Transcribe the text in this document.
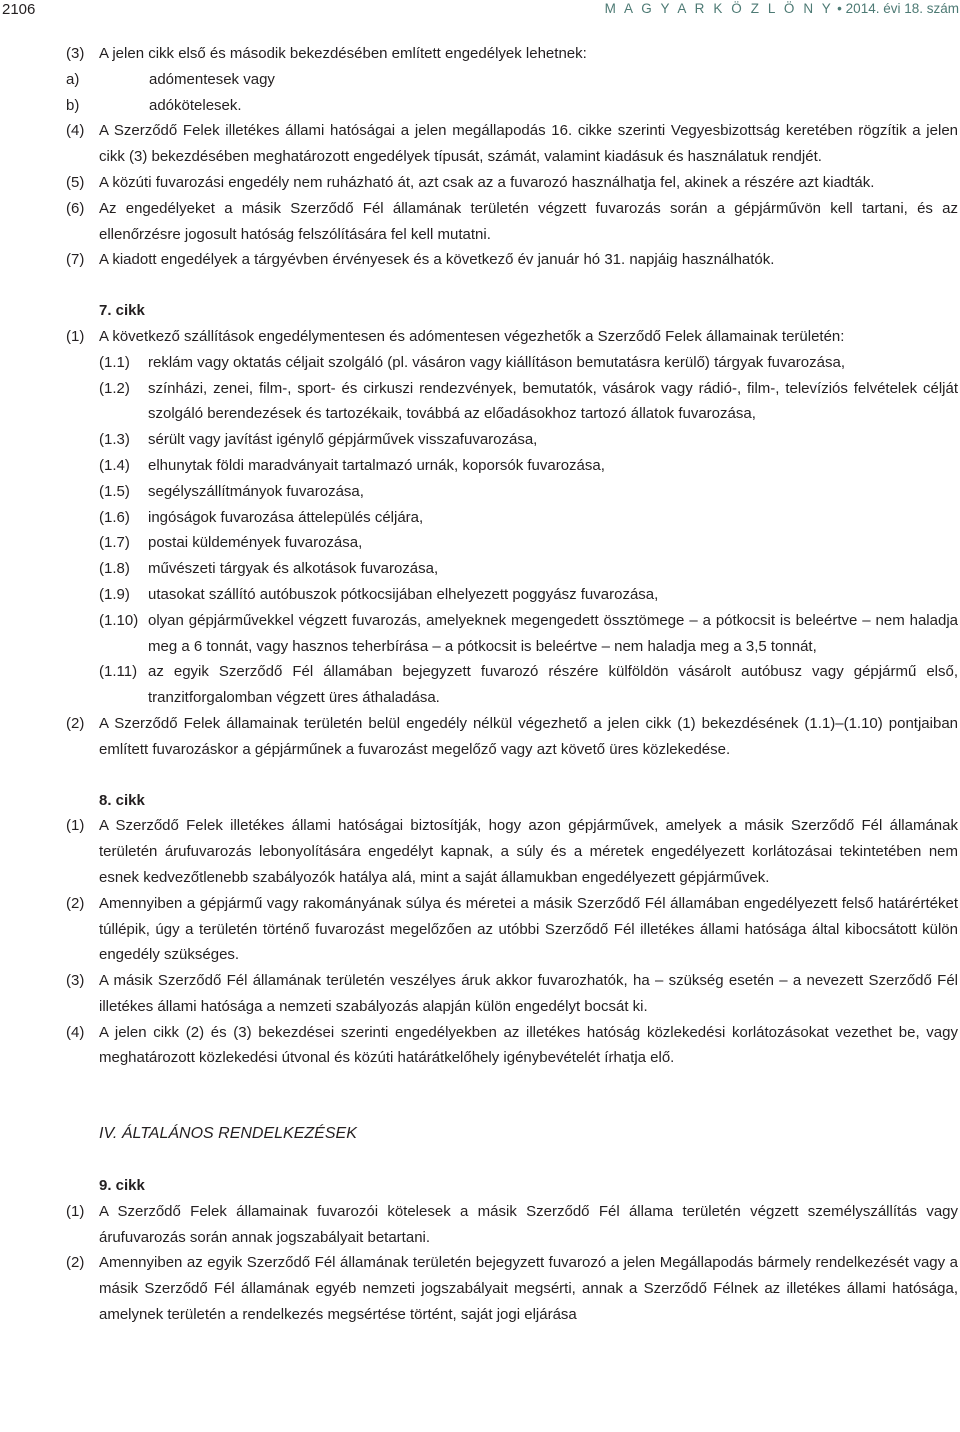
2106	M A G Y A R K Ö Z L Ö N Y • 2014. évi 18. szám
(3) A jelen cikk első és második bekezdésében említett engedélyek lehetnek:
a)	adómentesek vagy
b)	adókötelesek.
(4) A Szerződő Felek illetékes állami hatóságai a jelen megállapodás 16. cikke szerinti Vegyesbizottság keretében rögzítik a jelen cikk (3) bekezdésében meghatározott engedélyek típusát, számát, valamint kiadásuk és használatuk rendjét.
(5) A közúti fuvarozási engedély nem ruházható át, azt csak az a fuvarozó használhatja fel, akinek a részére azt kiadták.
(6) Az engedélyeket a másik Szerződő Fél államának területén végzett fuvarozás során a gépjárművön kell tartani, és az ellenőrzésre jogosult hatóság felszólítására fel kell mutatni.
(7) A kiadott engedélyek a tárgyévben érvényesek és a következő év január hó 31. napjáig használhatók.
7. cikk
(1) A következő szállítások engedélymentesen és adómentesen végezhetők a Szerződő Felek államainak területén:
(1.1) reklám vagy oktatás céljait szolgáló (pl. vásáron vagy kiállításon bemutatásra kerülő) tárgyak fuvarozása,
(1.2) színházi, zenei, film-, sport- és cirkuszi rendezvények, bemutatók, vásárok vagy rádió-, film-, televíziós felvételek célját szolgáló berendezések és tartozékaik, továbbá az előadásokhoz tartozó állatok fuvarozása,
(1.3) sérült vagy javítást igénylő gépjárművek visszafuvarozása,
(1.4) elhunytak földi maradványait tartalmazó urnák, koporsók fuvarozása,
(1.5) segélyszállítmányok fuvarozása,
(1.6) ingóságok fuvarozása áttelepülés céljára,
(1.7) postai küldemények fuvarozása,
(1.8) művészeti tárgyak és alkotások fuvarozása,
(1.9) utasokat szállító autóbuszok pótkocsijában elhelyezett poggyász fuvarozása,
(1.10) olyan gépjárművekkel végzett fuvarozás, amelyeknek megengedett össztömege – a pótkocsit is beleértve – nem haladja meg a 6 tonnát, vagy hasznos teherbírása – a pótkocsit is beleértve – nem haladja meg a 3,5 tonnát,
(1.11) az egyik Szerződő Fél államában bejegyzett fuvarozó részére külföldön vásárolt autóbusz vagy gépjármű első, tranzitforgalomban végzett üres áthaladása.
(2) A Szerződő Felek államainak területén belül engedély nélkül végezhető a jelen cikk (1) bekezdésének (1.1)–(1.10) pontjaiban említett fuvarozáskor a gépjárműnek a fuvarozást megelőző vagy azt követő üres közlekedése.
8. cikk
(1) A Szerződő Felek illetékes állami hatóságai biztosítják, hogy azon gépjárművek, amelyek a másik Szerződő Fél államának területén árufuvarozás lebonyolítására engedélyt kapnak, a súly és a méretek engedélyezett korlátozásai tekintetében nem esnek kedvezőtlenebb szabályozók hatálya alá, mint a saját államukban engedélyezett gépjárművek.
(2) Amennyiben a gépjármű vagy rakományának súlya és méretei a másik Szerződő Fél államában engedélyezett felső határértéket túllépik, úgy a területén történő fuvarozást megelőzően az utóbbi Szerződő Fél illetékes állami hatósága által kibocsátott külön engedély szükséges.
(3) A másik Szerződő Fél államának területén veszélyes áruk akkor fuvarozhatók, ha – szükség esetén – a nevezett Szerződő Fél illetékes állami hatósága a nemzeti szabályozás alapján külön engedélyt bocsát ki.
(4) A jelen cikk (2) és (3) bekezdései szerinti engedélyekben az illetékes hatóság közlekedési korlátozásokat vezethet be, vagy meghatározott közlekedési útvonal és közúti határátkelőhely igénybevételét írhatja elő.
IV. ÁLTALÁNOS RENDELKEZÉSEK
9. cikk
(1) A Szerződő Felek államainak fuvarozói kötelesek a másik Szerződő Fél állama területén végzett személyszállítás vagy árufuvarozás során annak jogszabályait betartani.
(2) Amennyiben az egyik Szerződő Fél államának területén bejegyzett fuvarozó a jelen Megállapodás bármely rendelkezését vagy a másik Szerződő Fél államának egyéb nemzeti jogszabályait megsérti, annak a Szerződő Félnek az illetékes állami hatósága, amelynek területén a rendelkezés megsértése történt, saját jogi eljárása
